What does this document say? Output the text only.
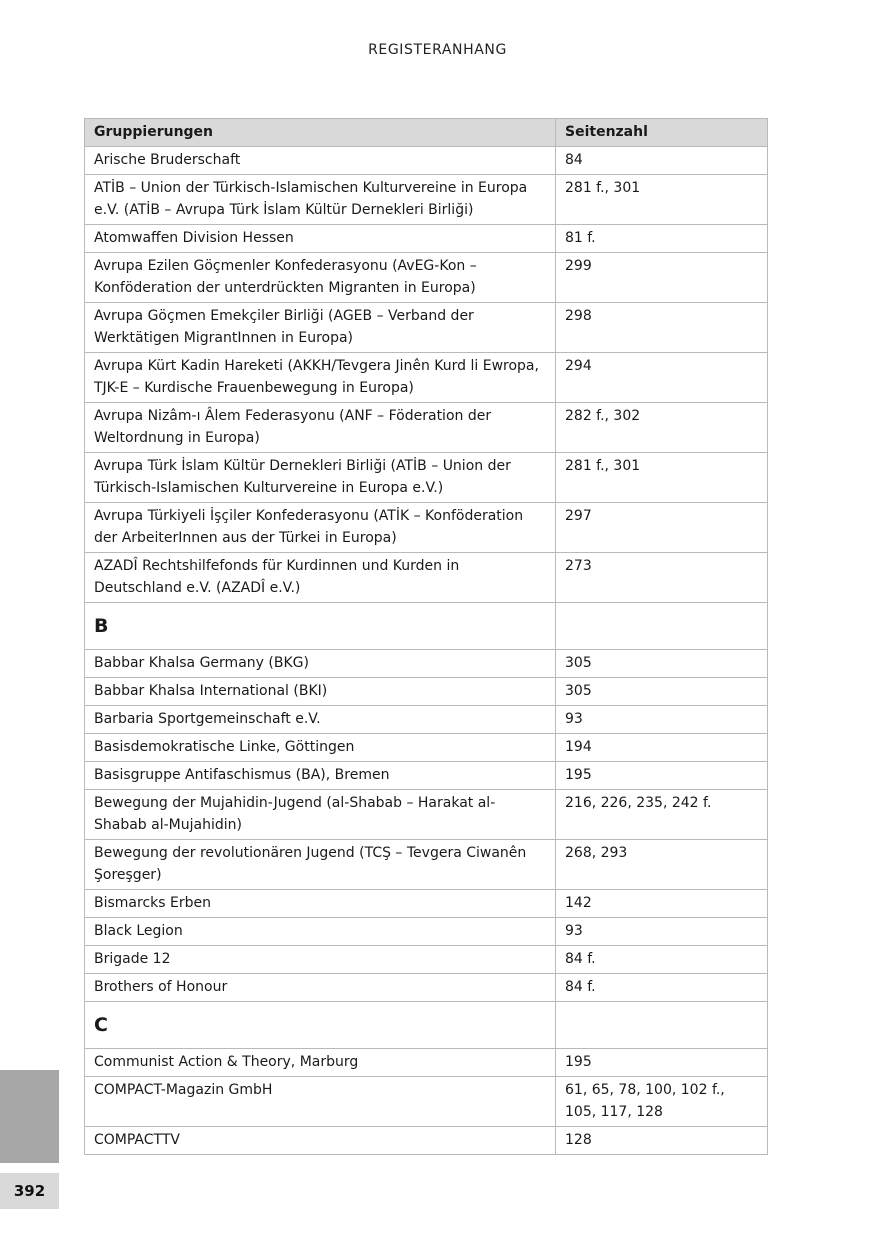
REGISTERANHANG
Gruppierungen	Seitenzahl
Arische Bruderschaft	84
ATİB – Union der Türkisch-Islamischen Kulturvereine in Europa e.V. (ATİB – Avrupa Türk İslam Kültür Dernekleri Birliği)	281 f., 301
Atomwaffen Division Hessen	81 f.
Avrupa Ezilen Göçmenler Konfederasyonu (AvEG-Kon – Konföderation der unterdrückten Migranten in Europa)	299
Avrupa Göçmen Emekçiler Birliği (AGEB – Verband der Werktätigen MigrantInnen in Europa)	298
Avrupa Kürt Kadin Hareketi (AKKH/Tevgera Jinên Kurd li Ewropa, TJK-E – Kurdische Frauenbewegung in Europa)	294
Avrupa Nizâm-ı Âlem Federasyonu (ANF – Föderation der Weltordnung in Europa)	282 f., 302
Avrupa Türk İslam Kültür Dernekleri Birliği (ATİB – Union der Türkisch-Islamischen Kulturvereine in Europa e.V.)	281 f., 301
Avrupa Türkiyeli İşçiler Konfederasyonu (ATİK – Konföderation der ArbeiterInnen aus der Türkei in Europa)	297
AZADÎ Rechtshilfefonds für Kurdinnen und Kurden in Deutschland e.V. (AZADÎ e.V.)	273
B	
Babbar Khalsa Germany (BKG)	305
Babbar Khalsa International (BKI)	305
Barbaria Sportgemeinschaft e.V.	93
Basisdemokratische Linke, Göttingen	194
Basisgruppe Antifaschismus (BA), Bremen	195
Bewegung der Mujahidin-Jugend (al-Shabab – Harakat al-Shabab al-Mujahidin)	216, 226, 235, 242 f.
Bewegung der revolutionären Jugend (TCŞ – Tevgera Ciwanên Şoreşger)	268, 293
Bismarcks Erben	142
Black Legion	93
Brigade 12	84 f.
Brothers of Honour	84 f.
C	
Communist Action & Theory, Marburg	195
COMPACT-Magazin GmbH	61, 65, 78, 100, 102 f., 105, 117, 128
COMPACTTV	128
392
